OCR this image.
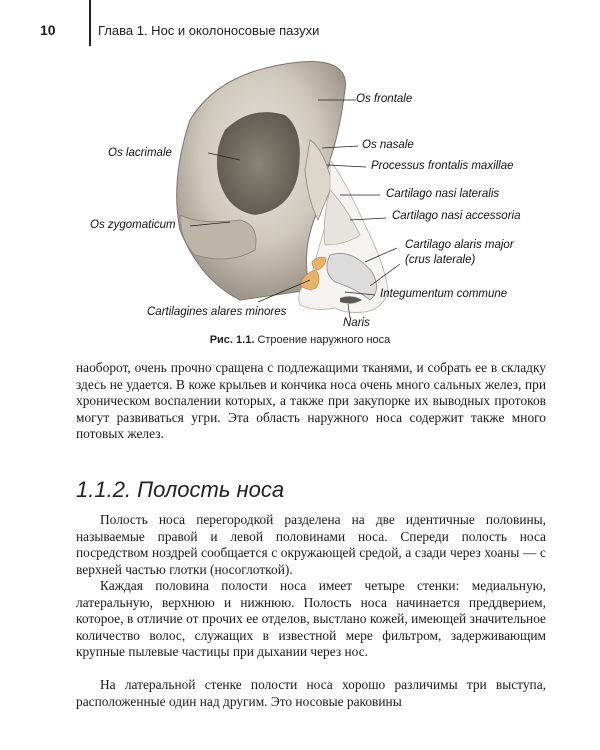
10	Глава 1. Нос и околоносовые пазухи
Os frontale
Os lacrimale
Os nasale
Processus frontalis maxillae
Cartilago nasi lateralis
Os zygomaticum
Cartilago nasi accessoria
Cartilago alaris major
(crus laterale)
Integumentum commune
Cartilagines alares minores
Naris
Рис. 1.1. Строение наружного носа

наоборот, очень прочно сращена с подлежащими тканями, и собрать ее в складку здесь не удается. В коже крыльев и кончика носа очень много сальных желез, при хроническом воспалении которых, а также при закупорке их выводных протоков могут развиваться угри. Эта область наружного носа содержит также много потовых желез.

1.1.2. Полость носа

Полость носа перегородкой разделена на две идентичные половины, называемые правой и левой половинами носа. Спереди полость носа посредством ноздрей сообщается с окружающей средой, а сзади через хоаны — с верхней частью глотки (носоглоткой).

Каждая половина полости носа имеет четыре стенки: медиальную, латеральную, верхнюю и нижнюю. Полость носа начинается преддверием, которое, в отличие от прочих ее отделов, выстлано кожей, имеющей значительное количество волос, служащих в известной мере фильтром, задерживающим крупные пылевые частицы при дыхании через нос.

На латеральной стенке полости носа хорошо различимы три выступа, расположенные один над другим. Это носовые раковины
